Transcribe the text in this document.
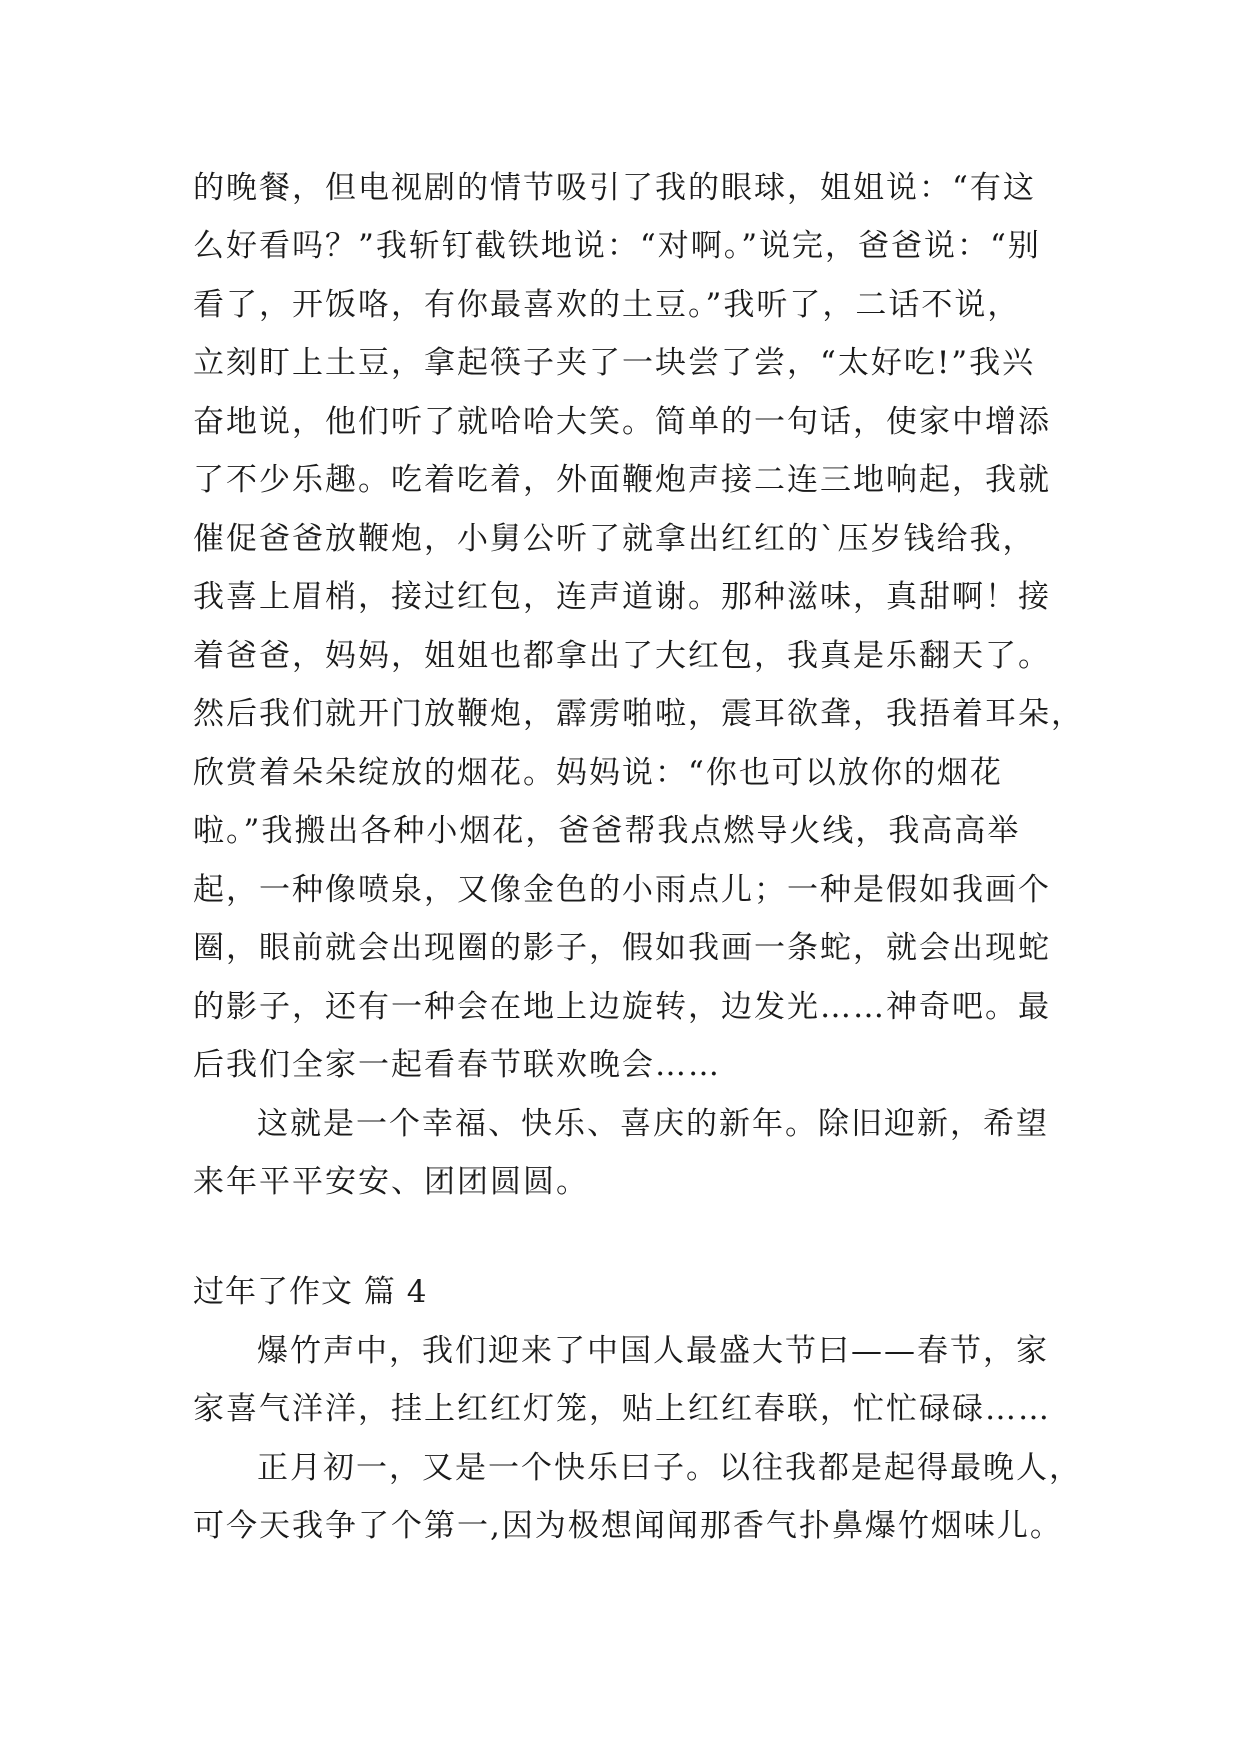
的晚餐，但电视剧的情节吸引了我的眼球，姐姐说：“有这
么好看吗？”我斩钉截铁地说：“对啊。”说完，爸爸说：“别
看了，开饭咯，有你最喜欢的土豆。”我听了，二话不说，
立刻盯上土豆，拿起筷子夹了一块尝了尝，“太好吃!”我兴
奋地说，他们听了就哈哈大笑。简单的一句话，使家中增添
了不少乐趣。吃着吃着，外面鞭炮声接二连三地响起，我就
催促爸爸放鞭炮，小舅公听了就拿出红红的`压岁钱给我，
我喜上眉梢，接过红包，连声道谢。那种滋味，真甜啊！接
着爸爸，妈妈，姐姐也都拿出了大红包，我真是乐翻天了。
然后我们就开门放鞭炮，霹雳啪啦，震耳欲聋，我捂着耳朵，
欣赏着朵朵绽放的烟花。妈妈说：“你也可以放你的烟花
啦。”我搬出各种小烟花，爸爸帮我点燃导火线，我高高举
起，一种像喷泉，又像金色的小雨点儿；一种是假如我画个
圈，眼前就会出现圈的影子，假如我画一条蛇，就会出现蛇
的影子，还有一种会在地上边旋转，边发光……神奇吧。最
后我们全家一起看春节联欢晚会……
这就是一个幸福、快乐、喜庆的新年。除旧迎新，希望
来年平平安安、团团圆圆。
过年了作文 篇 4
爆竹声中，我们迎来了中国人最盛大节曰——春节，家
家喜气洋洋，挂上红红灯笼，贴上红红春联，忙忙碌碌……
正月初一，又是一个快乐曰子。以往我都是起得最晚人，
可今天我争了个第一,因为极想闻闻那香气扑鼻爆竹烟味儿。
